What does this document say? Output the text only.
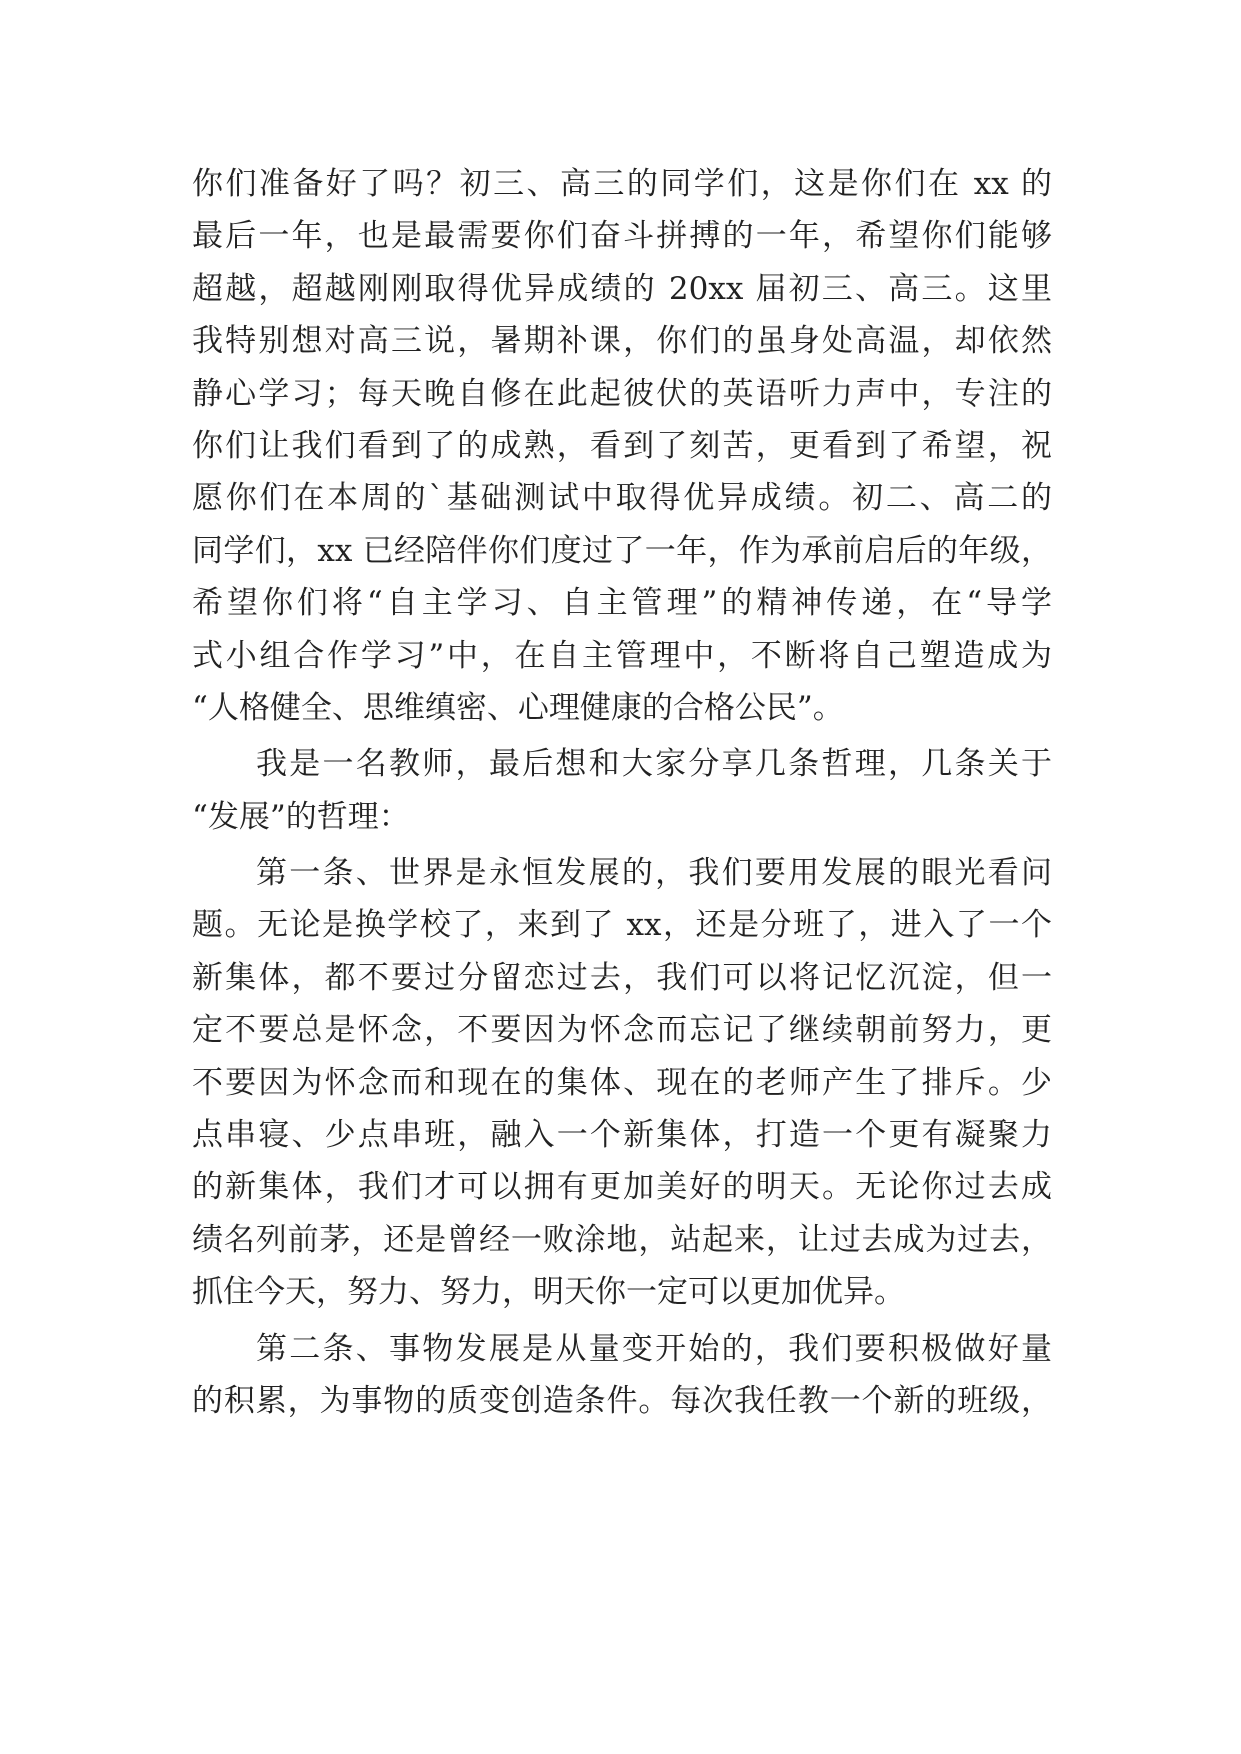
你们准备好了吗？初三、高三的同学们，这是你们在 xx 的
最后一年，也是最需要你们奋斗拼搏的一年，希望你们能够
超越，超越刚刚取得优异成绩的 20xx 届初三、高三。这里
我特别想对高三说，暑期补课，你们的虽身处高温，却依然
静心学习；每天晚自修在此起彼伏的英语听力声中，专注的
你们让我们看到了的成熟，看到了刻苦，更看到了希望，祝
愿你们在本周的`基础测试中取得优异成绩。初二、高二的
同学们，xx 已经陪伴你们度过了一年，作为承前启后的年级，
希望你们将“自主学习、自主管理”的精神传递，在“导学
式小组合作学习”中，在自主管理中，不断将自己塑造成为
“人格健全、思维缜密、心理健康的合格公民”。
我是一名教师，最后想和大家分享几条哲理，几条关于
“发展”的哲理：
第一条、世界是永恒发展的，我们要用发展的眼光看问
题。无论是换学校了，来到了 xx，还是分班了，进入了一个
新集体，都不要过分留恋过去，我们可以将记忆沉淀，但一
定不要总是怀念，不要因为怀念而忘记了继续朝前努力，更
不要因为怀念而和现在的集体、现在的老师产生了排斥。少
点串寝、少点串班，融入一个新集体，打造一个更有凝聚力
的新集体，我们才可以拥有更加美好的明天。无论你过去成
绩名列前茅，还是曾经一败涂地，站起来，让过去成为过去，
抓住今天，努力、努力，明天你一定可以更加优异。
第二条、事物发展是从量变开始的，我们要积极做好量
的积累，为事物的质变创造条件。每次我任教一个新的班级，
